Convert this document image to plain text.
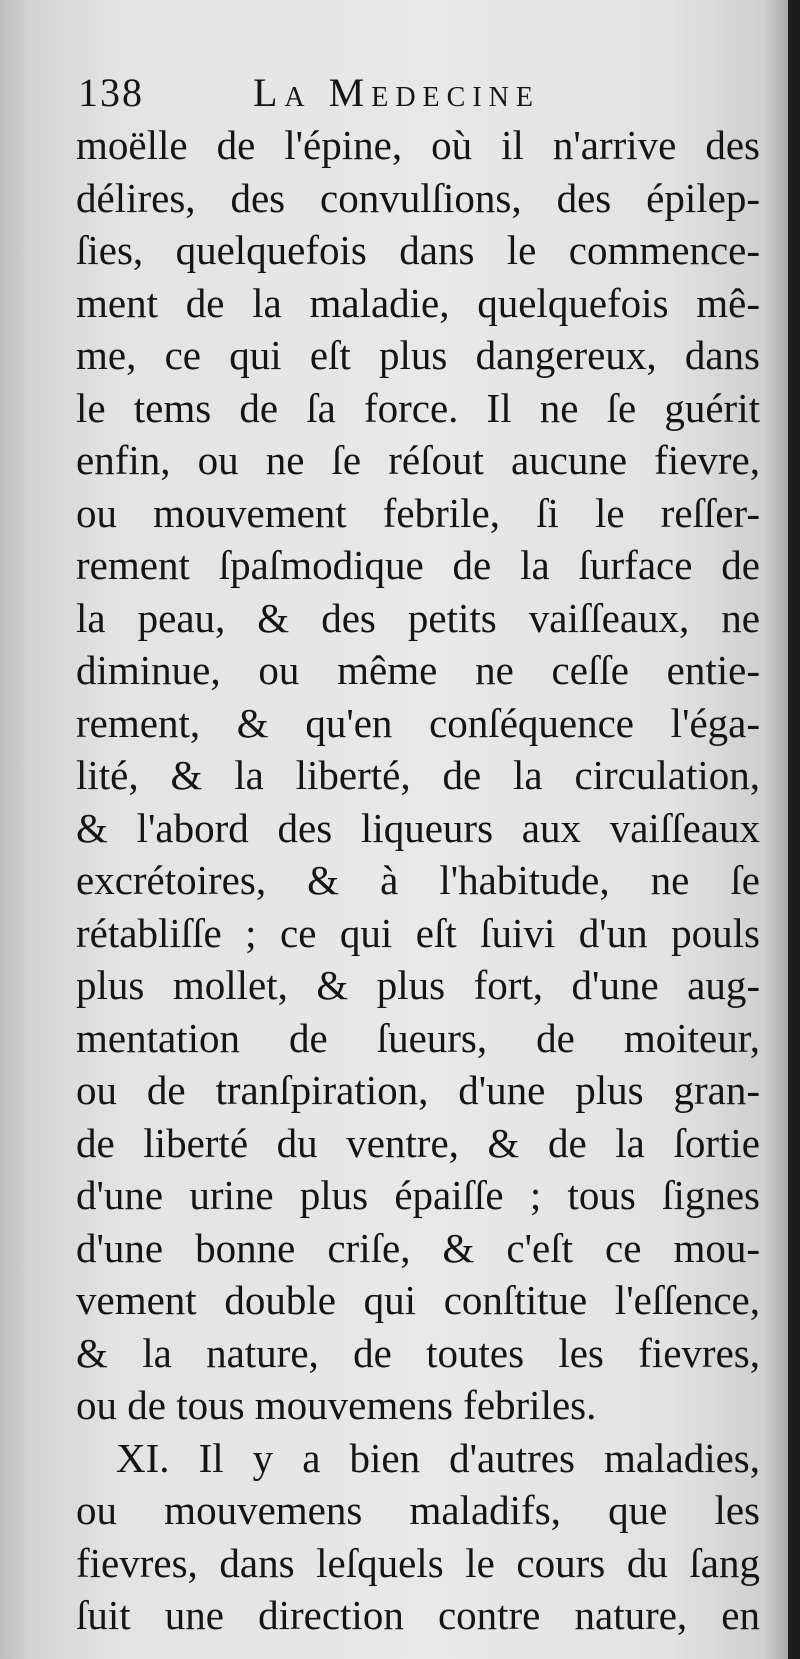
138	La Medecine
moëlle de l'épine, où il n'arrive des
délires, des convulſions, des épilep-
ſies, quelquefois dans le commence-
ment de la maladie, quelquefois mê-
me, ce qui eſt plus dangereux, dans
le tems de ſa force. Il ne ſe guérit
enfin, ou ne ſe réſout aucune fievre,
ou mouvement febrile, ſi le reſſer-
rement ſpaſmodique de la ſurface de
la peau, & des petits vaiſſeaux, ne
diminue, ou même ne ceſſe entie-
rement, & qu'en conſéquence l'éga-
lité, & la liberté, de la circulation,
& l'abord des liqueurs aux vaiſſeaux
excrétoires, & à l'habitude, ne ſe
rétabliſſe ; ce qui eſt ſuivi d'un pouls
plus mollet, & plus fort, d'une aug-
mentation de ſueurs, de moiteur,
ou de tranſpiration, d'une plus gran-
de liberté du ventre, & de la ſortie
d'une urine plus épaiſſe ; tous ſignes
d'une bonne criſe, & c'eſt ce mou-
vement double qui conſtitue l'eſſence,
& la nature, de toutes les fievres,
ou de tous mouvemens febriles.
XI. Il y a bien d'autres maladies,
ou mouvemens maladifs, que les
fievres, dans leſquels le cours du ſang
ſuit une direction contre nature, en
